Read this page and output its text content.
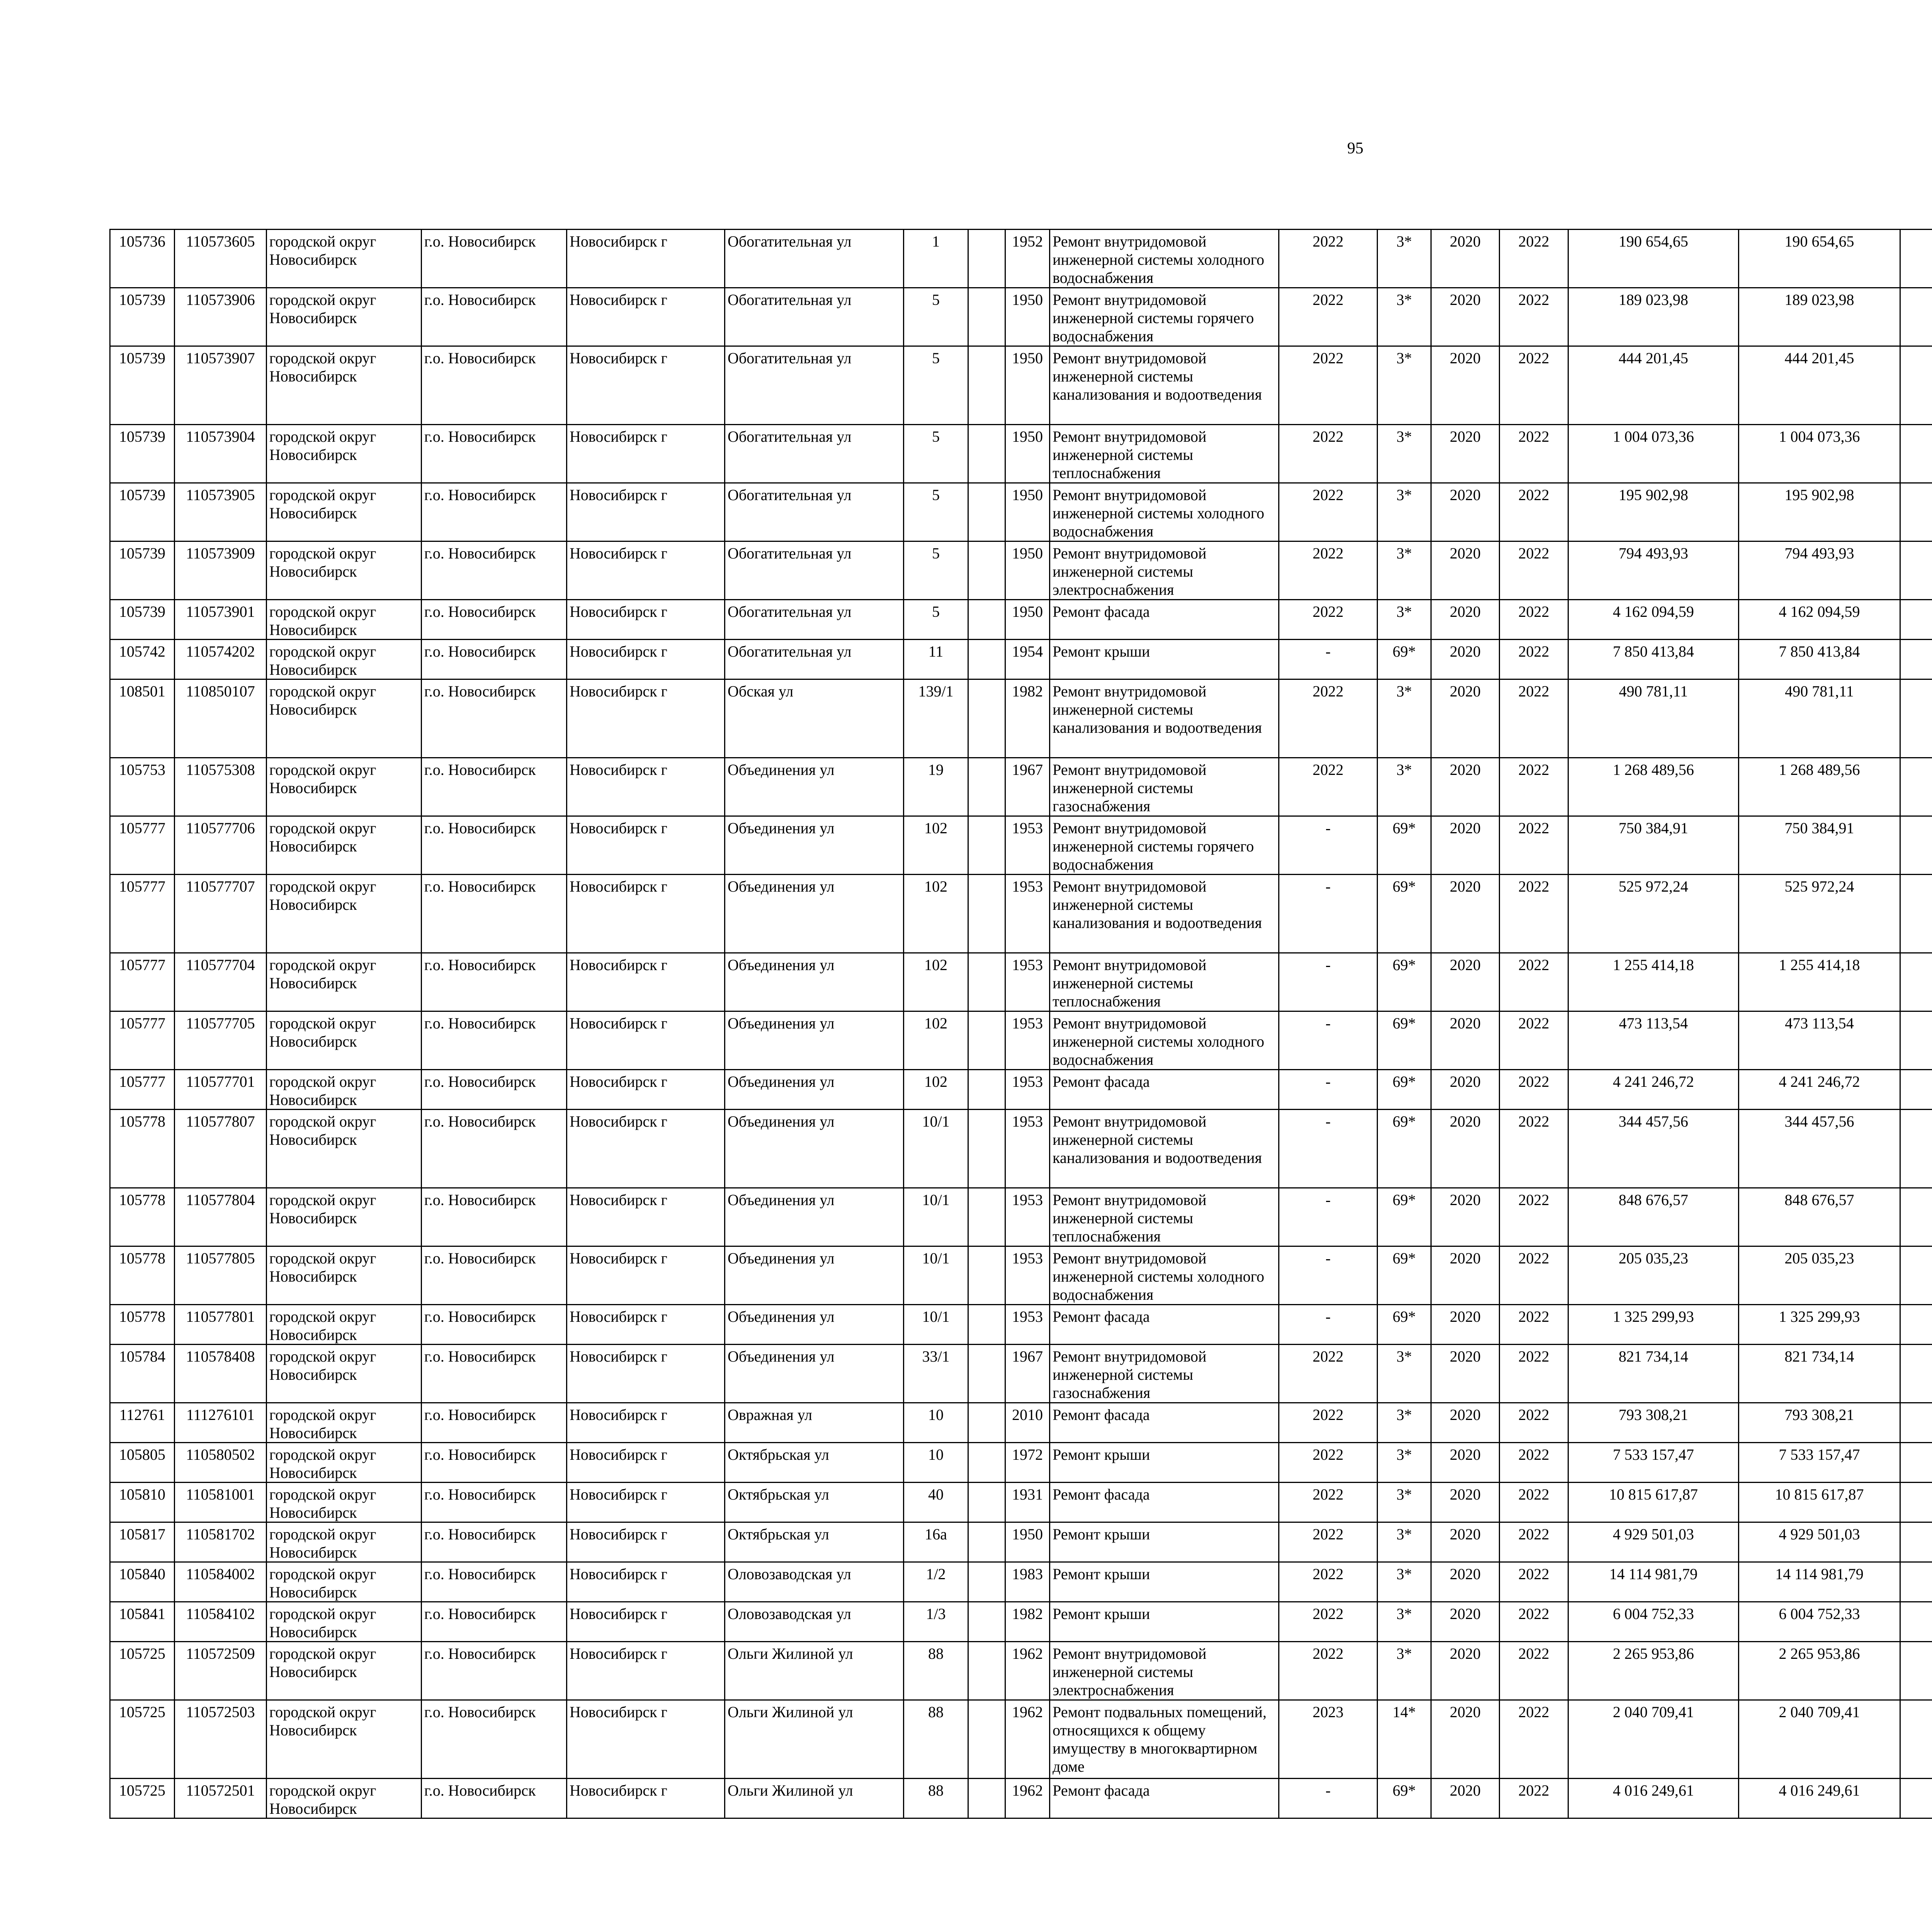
95
105736	110573605	городской округ Новосибирск	г.о. Новосибирск	Новосибирск г	Обогатительная ул	1		1952	Ремонт внутридомовой инженерной системы холодного водоснабжения	2022	3*	2020	2022	190 654,65	190 654,65						
105739	110573906	городской округ Новосибирск	г.о. Новосибирск	Новосибирск г	Обогатительная ул	5		1950	Ремонт внутридомовой инженерной системы горячего водоснабжения	2022	3*	2020	2022	189 023,98	189 023,98						
105739	110573907	городской округ Новосибирск	г.о. Новосибирск	Новосибирск г	Обогатительная ул	5		1950	Ремонт внутридомовой инженерной системы канализования и водоотведения	2022	3*	2020	2022	444 201,45	444 201,45						
105739	110573904	городской округ Новосибирск	г.о. Новосибирск	Новосибирск г	Обогатительная ул	5		1950	Ремонт внутридомовой инженерной системы теплоснабжения	2022	3*	2020	2022	1 004 073,36	1 004 073,36						
105739	110573905	городской округ Новосибирск	г.о. Новосибирск	Новосибирск г	Обогатительная ул	5		1950	Ремонт внутридомовой инженерной системы холодного водоснабжения	2022	3*	2020	2022	195 902,98	195 902,98						
105739	110573909	городской округ Новосибирск	г.о. Новосибирск	Новосибирск г	Обогатительная ул	5		1950	Ремонт внутридомовой инженерной системы электроснабжения	2022	3*	2020	2022	794 493,93	794 493,93						
105739	110573901	городской округ Новосибирск	г.о. Новосибирск	Новосибирск г	Обогатительная ул	5		1950	Ремонт фасада	2022	3*	2020	2022	4 162 094,59	4 162 094,59						
105742	110574202	городской округ Новосибирск	г.о. Новосибирск	Новосибирск г	Обогатительная ул	11		1954	Ремонт крыши	-	69*	2020	2022	7 850 413,84	7 850 413,84						
108501	110850107	городской округ Новосибирск	г.о. Новосибирск	Новосибирск г	Обская ул	139/1		1982	Ремонт внутридомовой инженерной системы канализования и водоотведения	2022	3*	2020	2022	490 781,11	490 781,11						
105753	110575308	городской округ Новосибирск	г.о. Новосибирск	Новосибирск г	Объединения ул	19		1967	Ремонт внутридомовой инженерной системы газоснабжения	2022	3*	2020	2022	1 268 489,56	1 268 489,56						
105777	110577706	городской округ Новосибирск	г.о. Новосибирск	Новосибирск г	Объединения ул	102		1953	Ремонт внутридомовой инженерной системы горячего водоснабжения	-	69*	2020	2022	750 384,91	750 384,91						
105777	110577707	городской округ Новосибирск	г.о. Новосибирск	Новосибирск г	Объединения ул	102		1953	Ремонт внутридомовой инженерной системы канализования и водоотведения	-	69*	2020	2022	525 972,24	525 972,24						
105777	110577704	городской округ Новосибирск	г.о. Новосибирск	Новосибирск г	Объединения ул	102		1953	Ремонт внутридомовой инженерной системы теплоснабжения	-	69*	2020	2022	1 255 414,18	1 255 414,18						
105777	110577705	городской округ Новосибирск	г.о. Новосибирск	Новосибирск г	Объединения ул	102		1953	Ремонт внутридомовой инженерной системы холодного водоснабжения	-	69*	2020	2022	473 113,54	473 113,54						
105777	110577701	городской округ Новосибирск	г.о. Новосибирск	Новосибирск г	Объединения ул	102		1953	Ремонт фасада	-	69*	2020	2022	4 241 246,72	4 241 246,72						
105778	110577807	городской округ Новосибирск	г.о. Новосибирск	Новосибирск г	Объединения ул	10/1		1953	Ремонт внутридомовой инженерной системы канализования и водоотведения	-	69*	2020	2022	344 457,56	344 457,56						
105778	110577804	городской округ Новосибирск	г.о. Новосибирск	Новосибирск г	Объединения ул	10/1		1953	Ремонт внутридомовой инженерной системы теплоснабжения	-	69*	2020	2022	848 676,57	848 676,57						
105778	110577805	городской округ Новосибирск	г.о. Новосибирск	Новосибирск г	Объединения ул	10/1		1953	Ремонт внутридомовой инженерной системы холодного водоснабжения	-	69*	2020	2022	205 035,23	205 035,23						
105778	110577801	городской округ Новосибирск	г.о. Новосибирск	Новосибирск г	Объединения ул	10/1		1953	Ремонт фасада	-	69*	2020	2022	1 325 299,93	1 325 299,93						
105784	110578408	городской округ Новосибирск	г.о. Новосибирск	Новосибирск г	Объединения ул	33/1		1967	Ремонт внутридомовой инженерной системы газоснабжения	2022	3*	2020	2022	821 734,14	821 734,14						
112761	111276101	городской округ Новосибирск	г.о. Новосибирск	Новосибирск г	Овражная ул	10		2010	Ремонт фасада	2022	3*	2020	2022	793 308,21	793 308,21						
105805	110580502	городской округ Новосибирск	г.о. Новосибирск	Новосибирск г	Октябрьская ул	10		1972	Ремонт крыши	2022	3*	2020	2022	7 533 157,47	7 533 157,47						
105810	110581001	городской округ Новосибирск	г.о. Новосибирск	Новосибирск г	Октябрьская ул	40		1931	Ремонт фасада	2022	3*	2020	2022	10 815 617,87	10 815 617,87						
105817	110581702	городской округ Новосибирск	г.о. Новосибирск	Новосибирск г	Октябрьская ул	16а		1950	Ремонт крыши	2022	3*	2020	2022	4 929 501,03	4 929 501,03						
105840	110584002	городской округ Новосибирск	г.о. Новосибирск	Новосибирск г	Оловозаводская ул	1/2		1983	Ремонт крыши	2022	3*	2020	2022	14 114 981,79	14 114 981,79						
105841	110584102	городской округ Новосибирск	г.о. Новосибирск	Новосибирск г	Оловозаводская ул	1/3		1982	Ремонт крыши	2022	3*	2020	2022	6 004 752,33	6 004 752,33						
105725	110572509	городской округ Новосибирск	г.о. Новосибирск	Новосибирск г	Ольги Жилиной ул	88		1962	Ремонт внутридомовой инженерной системы электроснабжения	2022	3*	2020	2022	2 265 953,86	2 265 953,86						
105725	110572503	городской округ Новосибирск	г.о. Новосибирск	Новосибирск г	Ольги Жилиной ул	88		1962	Ремонт подвальных помещений, относящихся к общему имуществу в многоквартирном доме	2023	14*	2020	2022	2 040 709,41	2 040 709,41						
105725	110572501	городской округ Новосибирск	г.о. Новосибирск	Новосибирск г	Ольги Жилиной ул	88		1962	Ремонт фасада	-	69*	2020	2022	4 016 249,61	4 016 249,61						
